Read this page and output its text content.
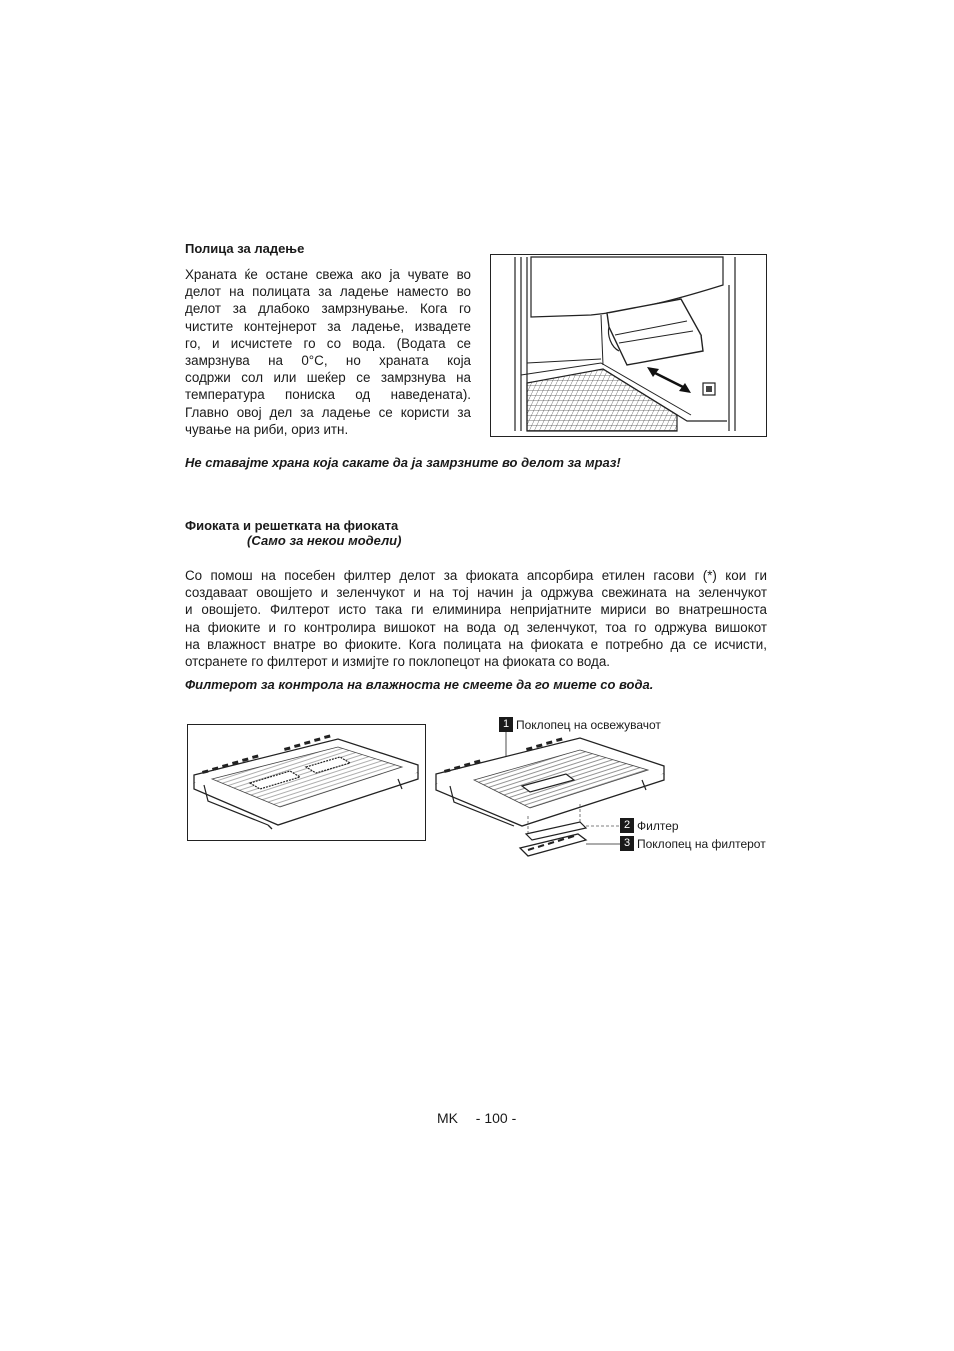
Полица за ладење
Храната ќе остане свежа ако ја чувате во
делот на полицата за ладење наместо во
делот за длабоко замрзнување. Кога го
чистите контејнерот за ладење, извадете
го, и исчистете го со вода. (Водата се
замрзнува на 0°C, но храната која
содржи сол или шеќер се замрзнува на
температура пониска од наведената).
Главно овој дел за ладење се користи за
чување на риби, ориз итн.
Не ставајте храна која сакате да ја замрзните во делот за мраз!
Фиоката и решетката на фиоката
(Само за некои модели)
Со помош на посебен филтер делот за фиоката апсорбира етилен гасови (*) кои ги
создаваат овошјето и зеленчукот и на тој начин ја одржува свежината на зеленчукот
и овошјето. Филтерот исто така ги елиминира непријатните мириси во внатрешноста
на фиоките и го контролира вишокот на вода од зеленчукот, тоа го одржува вишокот
на влажност внатре во фиоките. Кога полицата на фиоката е потребно да се исчисти,
отсранете го филтерот и измијте го поклопецот на фиоката со вода.
Филтерот за контрола на влажноста не смеете да го миете со вода.
1 Поклопец на освежувачот
2 Филтер
3 Поклопец на филтерот
MK - 100 -
